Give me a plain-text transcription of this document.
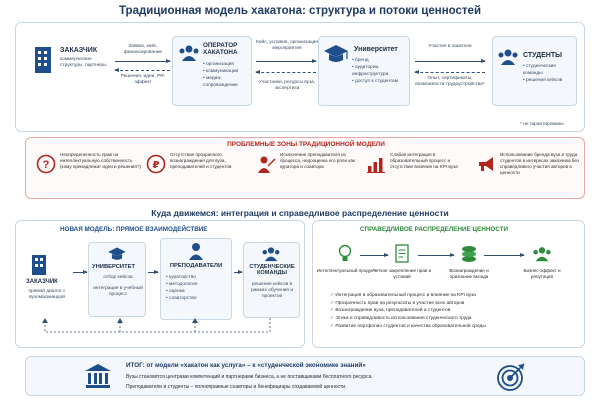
Традиционная модель хакатона: структура и потоки ценностей
ЗАКАЗЧИК
коммерческие структуры, партнеры
Заявка, кейс, финансирование
Решения, идеи, PR-эффект
ОПЕРАТОР ХАКАТОНА
• организация
• коммуникации
• медиа-сопровождение
Кейс, условия, организация мероприятия
Участники, ресурсы вуза, экспертиза
Университет
• бренд
• аудитории, инфраструктура
• доступ к студентам
Участие в хакатоне
Опыт, сертификаты, возможности трудоустройства*
СТУДЕНТЫ
• студенческие команды
• решения кейсов
* не гарантированы
ПРОБЛЕМНЫЕ ЗОНЫ ТРАДИЦИОННОЙ МОДЕЛИ
?
Неопределенность прав на интеллектуальную собственность (кому принадлежат идеи и решения?) ₽
Отсутствие прозрачного вознаграждения для вуза, преподавателей и студентов
Исключение преподавателя из процесса, недооценка его роли как куратора и соавтора
Слабая интеграция в образовательный процесс и отсутствие влияния на KPI вуза
Использование бренда вуза и труда студентов в интересах заказчика без справедливого участия авторов в ценности
Куда движемся: интеграция и справедливое распределение ценности
НОВАЯ МОДЕЛЬ: ПРЯМОЕ ВЗАИМОДЕЙСТВИЕ
ЗАКАЗЧИК
прямой диалог с вузом/командой
УНИВЕРСИТЕТ
отбор кейсов
интеграция в учебный процесс
ПРЕПОДАВАТЕЛИ
• кураторство
• методология
• оценка
• соавторство
СТУДЕНЧЕСКИЕ КОМАНДЫ
решение кейсов в рамках обучения и проектов
СПРАВЕДЛИВОЕ РАСПРЕДЕЛЕНИЕ ЦЕННОСТИ
Интеллектуальный продукт
Четкое закрепление прав и условий
Вознаграждение и признание вклада
Бизнес-эффект и репутация
✓ Интеграция в образовательный процесс и влияние на KPI вуза
✓ Прозрачность прав на результаты и участие всех авторов
✓ Вознаграждение вуза, преподавателей и студентов
✓ Этика и справедливость использования студенческого труда
✓ Развитие портфолио студентов и качества образовательной среды
ИТОГ: от модели «хакатон как услуга» – к «студенческой экономике знаний»
Вузы становятся центрами компетенций и партнерами бизнеса, а не поставщиками бесплатного ресурса.
Преподаватели и студенты – полноправные соавторы и бенефициары создаваемой ценности.
